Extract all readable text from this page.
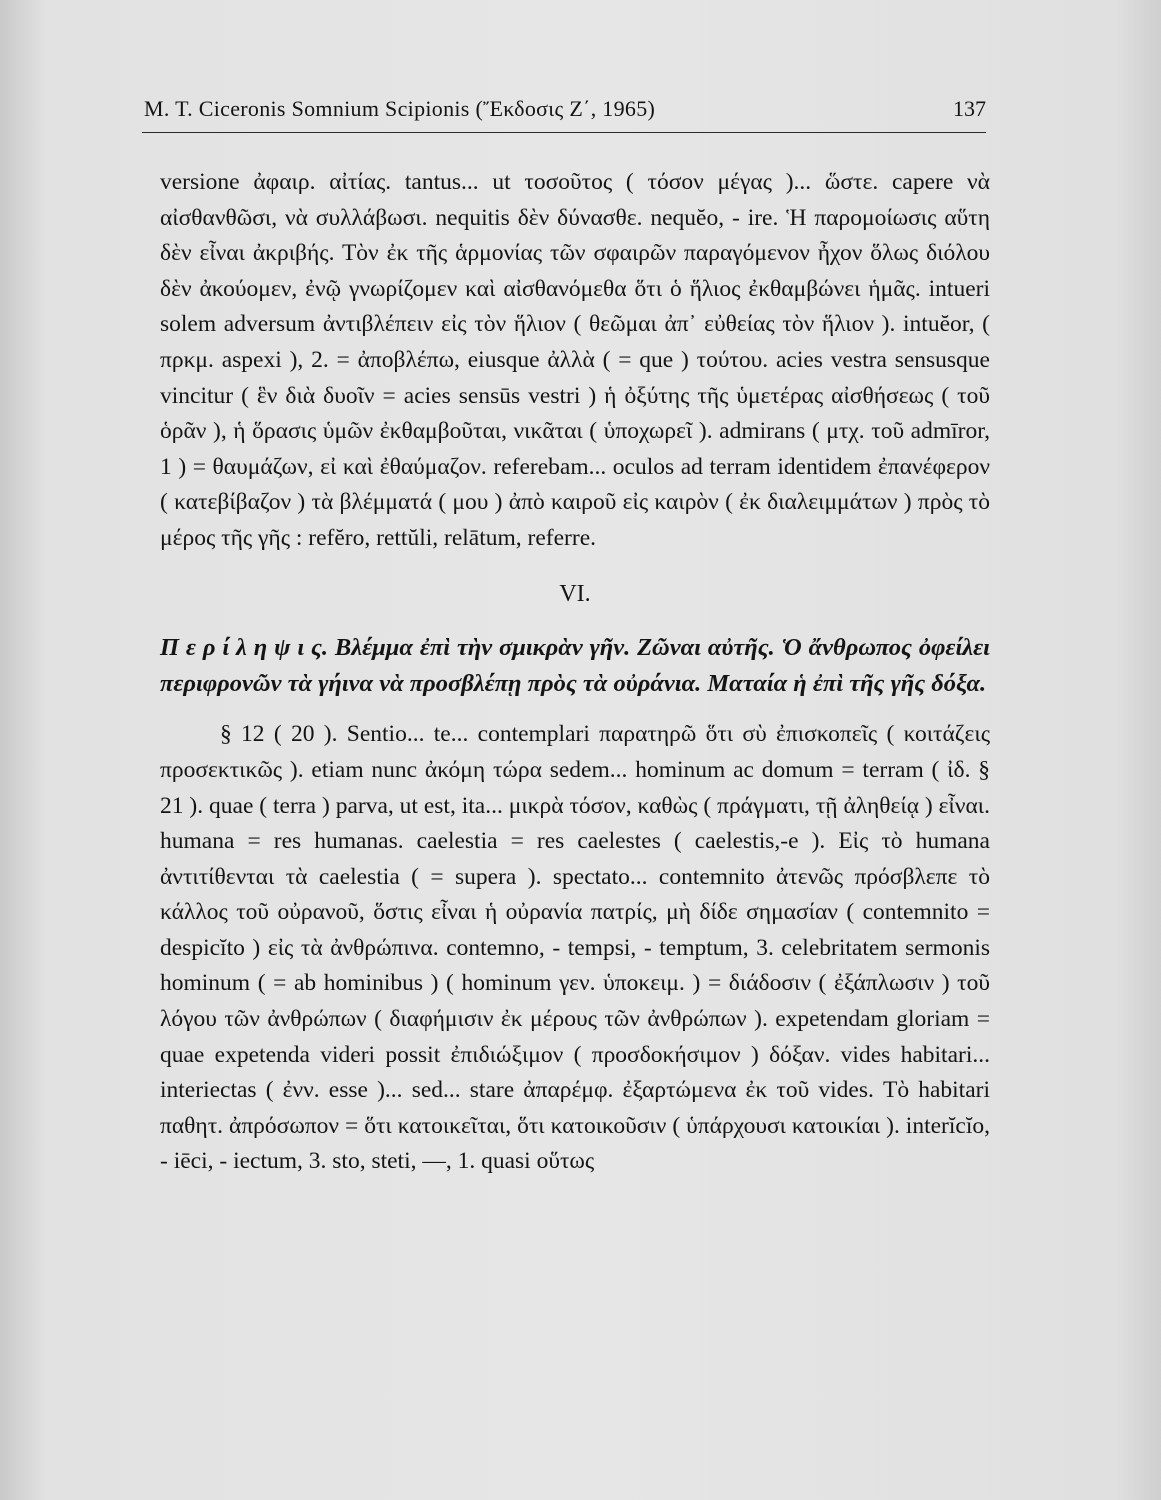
M. T. Ciceronis Somnium Scipionis (Ἔκδοσις Ζ΄, 1965)	137

versione ἀφαιρ. αἰτίας. tantus... ut τοσοῦτος ( τόσον μέγας )... ὥστε. capere νὰ αἰσθανθῶσι, νὰ συλλάβωσι. nequitis δὲν δύνασθε. nequĕo, - ire. Ἡ παρομοίωσις αὕτη δὲν εἶναι ἀκριβής. Τὸν ἐκ τῆς ἁρμονίας τῶν σφαιρῶν παραγόμενον ἦχον ὅλως διόλου δὲν ἀκούομεν, ἐνῷ γνωρίζομεν καὶ αἰσθανόμεθα ὅτι ὁ ἥλιος ἐκθαμβώνει ἡμᾶς. intueri solem adversum ἀντιβλέπειν εἰς τὸν ἥλιον ( θεῶμαι ἀπ᾽ εὐθείας τὸν ἥλιον ). intuĕor, ( πρκμ. aspexi ), 2. = ἀποβλέπω, eiusque ἀλλὰ ( = que ) τούτου. acies vestra sensusque vincitur ( ἓν διὰ δυοῖν = acies sensūs vestri ) ἡ ὀξύτης τῆς ὑμετέρας αἰσθήσεως ( τοῦ ὁρᾶν ), ἡ ὅρασις ὑμῶν ἐκθαμβοῦται, νικᾶται ( ὑποχωρεῖ ). admirans ( μτχ. τοῦ admīror, 1 ) = θαυμάζων, εἰ καὶ ἐθαύμαζον. referebam... oculos ad terram identidem ἐπανέφερον ( κατεβίβαζον ) τὰ βλέμματά ( μου ) ἀπὸ καιροῦ εἰς καιρὸν ( ἐκ διαλειμμάτων ) πρὸς τὸ μέρος τῆς γῆς : refĕro, rettŭli, relātum, referre.

VI.

Π ε ρ ί λ η ψ ι ς. Βλέμμα ἐπὶ τὴν σμικρὰν γῆν. Ζῶναι αὐτῆς. Ὁ ἄνθρωπος ὀφείλει περιφρονῶν τὰ γήινα νὰ προσβλέπῃ πρὸς τὰ οὐράνια. Ματαία ἡ ἐπὶ τῆς γῆς δόξα.

§ 12 ( 20 ). Sentio... te... contemplari παρατηρῶ ὅτι σὺ ἐπισκοπεῖς ( κοιτάζεις προσεκτικῶς ). etiam nunc ἀκόμη τώρα sedem... hominum ac domum = terram ( ἰδ. § 21 ). quae ( terra ) parva, ut est, ita... μικρὰ τόσον, καθὼς ( πράγματι, τῇ ἀληθείᾳ ) εἶναι. humana = res humanas. caelestia = res caelestes ( caelestis,-e ). Εἰς τὸ humana ἀντιτίθενται τὰ caelestia ( = supera ). spectato... contemnito ἀτενῶς πρόσβλεπε τὸ κάλλος τοῦ οὐρανοῦ, ὅστις εἶναι ἡ οὐρανία πατρίς, μὴ δίδε σημασίαν ( contemnito = despicĭto ) εἰς τὰ ἀνθρώπινα. contemno, - tempsi, - temptum, 3. celebritatem sermonis hominum ( = ab hominibus ) ( hominum γεν. ὑποκειμ. ) = διάδοσιν ( ἐξάπλωσιν ) τοῦ λόγου τῶν ἀνθρώπων ( διαφήμισιν ἐκ μέρους τῶν ἀνθρώπων ). expetendam gloriam = quae expetenda videri possit ἐπιδιώξιμον ( προσδοκήσιμον ) δόξαν. vides habitari... interiectas ( ἐνν. esse )... sed... stare ἀπαρέμφ. ἐξαρτώμενα ἐκ τοῦ vides. Τὸ habitari παθητ. ἀπρόσωπον = ὅτι κατοικεῖται, ὅτι κατοικοῦσιν ( ὑπάρχουσι κατοικίαι ). interĭcĭo, - iēci, - iectum, 3. sto, steti, —, 1. quasi οὕτως
